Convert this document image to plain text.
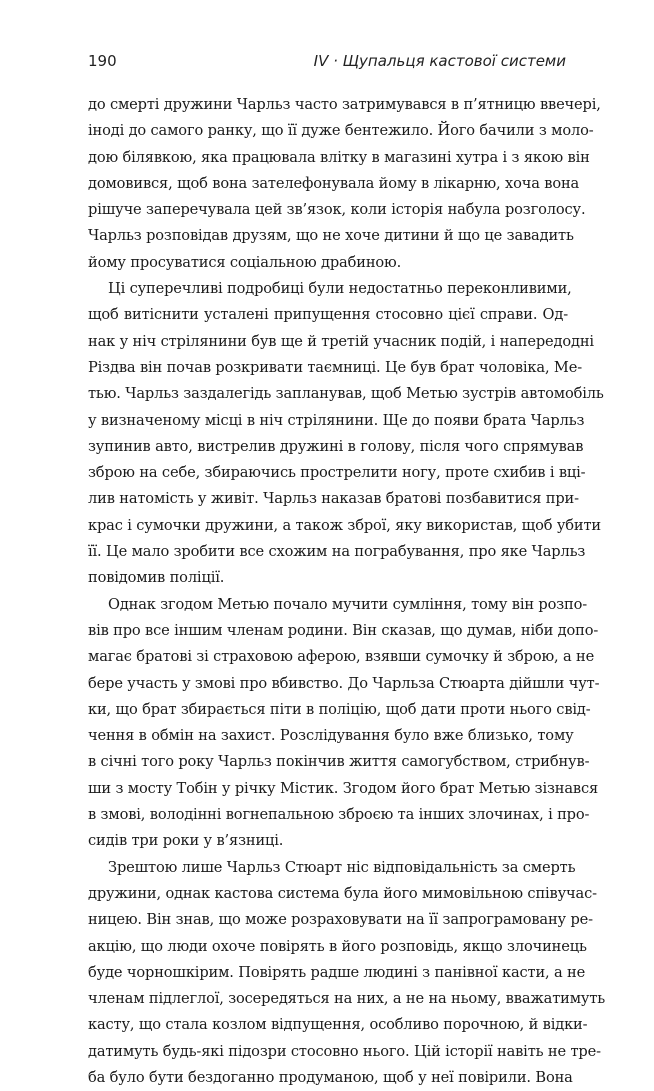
190	IV · Щупальця кастової системи
до смерті дружини Чарльз часто затримувався в п’ятницю ввечері,
іноді до самого ранку, що її дуже бентежило. Його бачили з моло-
дою білявкою, яка працювала влітку в магазині хутра і з якою він
домовився, щоб вона зателефонувала йому в лікарню, хоча вона
рішуче заперечувала цей зв’язок, коли історія набула розголосу.
Чарльз розповідав друзям, що не хоче дитини й що це завадить
йому просуватися соціальною драбиною.
Ці суперечливі подробиці були недостатньо переконливими,
щоб витіснити усталені припущення стосовно цієї справи. Од-
нак у ніч стрілянини був ще й третій учасник подій, і напередодні
Різдва він почав розкривати таємниці. Це був брат чоловіка, Ме-
тью. Чарльз заздалегідь запланував, щоб Метью зустрів автомобіль
у визначеному місці в ніч стрілянини. Ще до появи брата Чарльз
зупинив авто, вистрелив дружині в голову, після чого спрямував
зброю на себе, збираючись прострелити ногу, проте схибив і вці-
лив натомість у живіт. Чарльз наказав братові позбавитися при-
крас і сумочки дружини, а також зброї, яку використав, щоб убити
її. Це мало зробити все схожим на пограбування, про яке Чарльз
повідомив поліції.
Однак згодом Метью почало мучити сумління, тому він розпо-
вів про все іншим членам родини. Він сказав, що думав, ніби допо-
магає братові зі страховою аферою, взявши сумочку й зброю, а не
бере участь у змові про вбивство. До Чарльза Стюарта дійшли чут-
ки, що брат збирається піти в поліцію, щоб дати проти нього свід-
чення в обмін на захист. Розслідування було вже близько, тому
в січні того року Чарльз покінчив життя самогубством, стрибнув-
ши з мосту Тобін у річку Містик. Згодом його брат Метью зізнався
в змові, володінні вогнепальною зброєю та інших злочинах, і про-
сидів три роки у в’язниці.
Зрештою лише Чарльз Стюарт ніс відповідальність за смерть
дружини, однак кастова система була його мимовільною співучас-
ницею. Він знав, що може розраховувати на її запрограмовану ре-
акцію, що люди охоче повірять в його розповідь, якщо злочинець
буде чорношкірим. Повірять радше людині з панівної касти, а не
членам підлеглої, зосередяться на них, а не на ньому, вважатимуть
касту, що стала козлом відпущення, особливо порочною, й відки-
датимуть будь-які підозри стосовно нього. Цій історії навіть не тре-
ба було бути бездоганно продуманою, щоб у неї повірили. Вона
